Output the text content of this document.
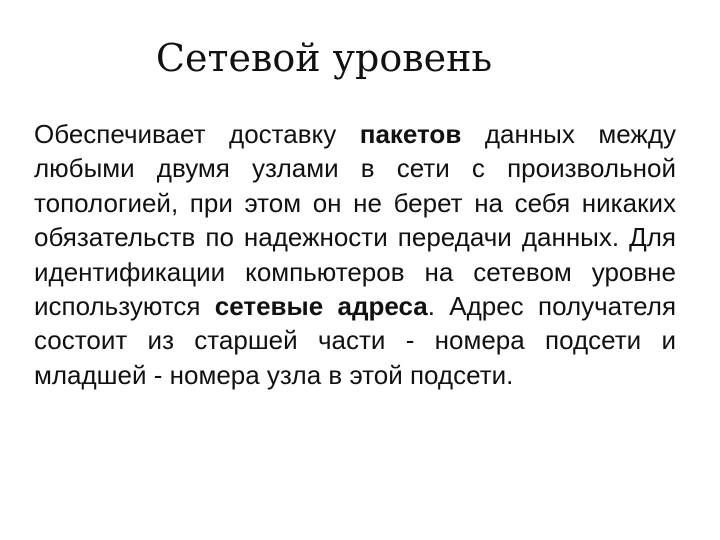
Сетевой уровень

Обеспечивает доставку пакетов данных между любыми двумя узлами в сети с произвольной топологией, при этом он не берет на себя никаких обязательств по надежности передачи данных. Для идентификации компьютеров на сетевом уровне используются сетевые адреса. Адрес получателя состоит из старшей части - номера подсети и младшей - номера узла в этой подсети.
